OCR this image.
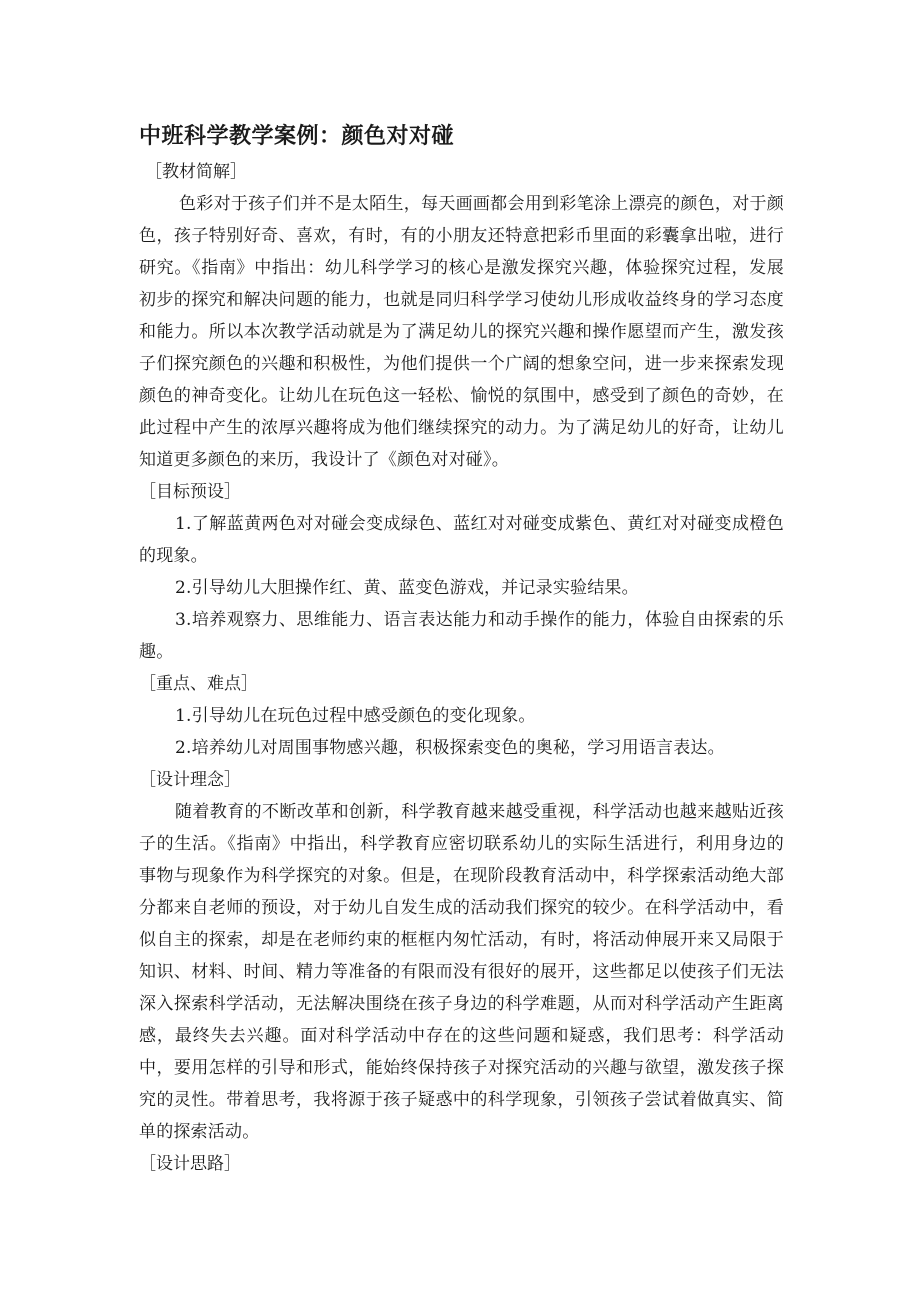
中班科学教学案例：颜色对对碰

［教材简解］

色彩对于孩子们并不是太陌生，每天画画都会用到彩笔涂上漂亮的颜色，对于颜色，孩子特别好奇、喜欢，有时，有的小朋友还特意把彩币里面的彩囊拿出啦，进行研究。《指南》中指出：幼儿科学学习的核心是激发探究兴趣，体验探究过程，发展初步的探究和解决问题的能力，也就是同归科学学习使幼儿形成收益终身的学习态度和能力。所以本次教学活动就是为了满足幼儿的探究兴趣和操作愿望而产生，激发孩子们探究颜色的兴趣和积极性，为他们提供一个广阔的想象空问，进一步来探索发现颜色的神奇变化。让幼儿在玩色这一轻松、愉悦的氛围中，感受到了颜色的奇妙，在此过程中产生的浓厚兴趣将成为他们继续探究的动力。为了满足幼儿的好奇，让幼儿知道更多颜色的来历，我设计了《颜色对对碰》。

［目标预设］

1.了解蓝黄两色对对碰会变成绿色、蓝红对对碰变成紫色、黄红对对碰变成橙色的现象。

2.引导幼儿大胆操作红、黄、蓝变色游戏，并记录实验结果。

3.培养观察力、思维能力、语言表达能力和动手操作的能力，体验自由探索的乐趣。

［重点、难点］

1.引导幼儿在玩色过程中感受颜色的变化现象。

2.培养幼儿对周围事物感兴趣，积极探索变色的奥秘，学习用语言表达。

［设计理念］

随着教育的不断改革和创新，科学教育越来越受重视，科学活动也越来越贴近孩子的生活。《指南》中指出，科学教育应密切联系幼儿的实际生活进行，利用身边的事物与现象作为科学探究的对象。但是，在现阶段教育活动中，科学探索活动绝大部分都来自老师的预设，对于幼儿自发生成的活动我们探究的较少。在科学活动中，看似自主的探索，却是在老师约束的框框内匆忙活动，有时，将活动伸展开来又局限于知识、材料、时间、精力等准备的有限而没有很好的展开，这些都足以使孩子们无法深入探索科学活动，无法解决围绕在孩子身边的科学难题，从而对科学活动产生距离感，最终失去兴趣。面对科学活动中存在的这些问题和疑惑，我们思考：科学活动中，要用怎样的引导和形式，能始终保持孩子对探究活动的兴趣与欲望，激发孩子探究的灵性。带着思考，我将源于孩子疑惑中的科学现象，引领孩子尝试着做真实、简单的探索活动。

［设计思路］
